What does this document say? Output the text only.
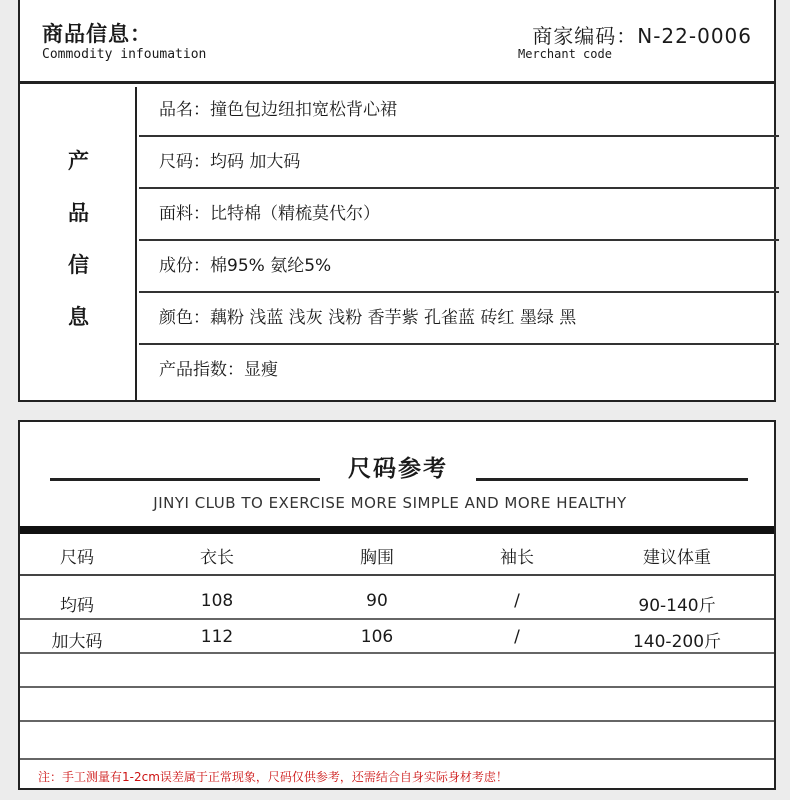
商品信息：
Commodity infoumation
商家编码：N-22-0006
Merchant code
产
品
信
息
品名：撞色包边纽扣宽松背心裙
尺码：均码 加大码
面料：比特棉（精梳莫代尔）
成份：棉95% 氨纶5%
颜色：藕粉 浅蓝 浅灰 浅粉 香芋紫 孔雀蓝 砖红 墨绿 黑
产品指数：显瘦
尺码参考
JINYI CLUB TO EXERCISE MORE SIMPLE AND MORE HEALTHY
尺码	衣长	胸围	袖长	建议体重
均码	108	90	/	90-140斤
加大码	112	106	/	140-200斤
注：手工测量有1-2cm误差属于正常现象，尺码仅供参考，还需结合自身实际身材考虑！
